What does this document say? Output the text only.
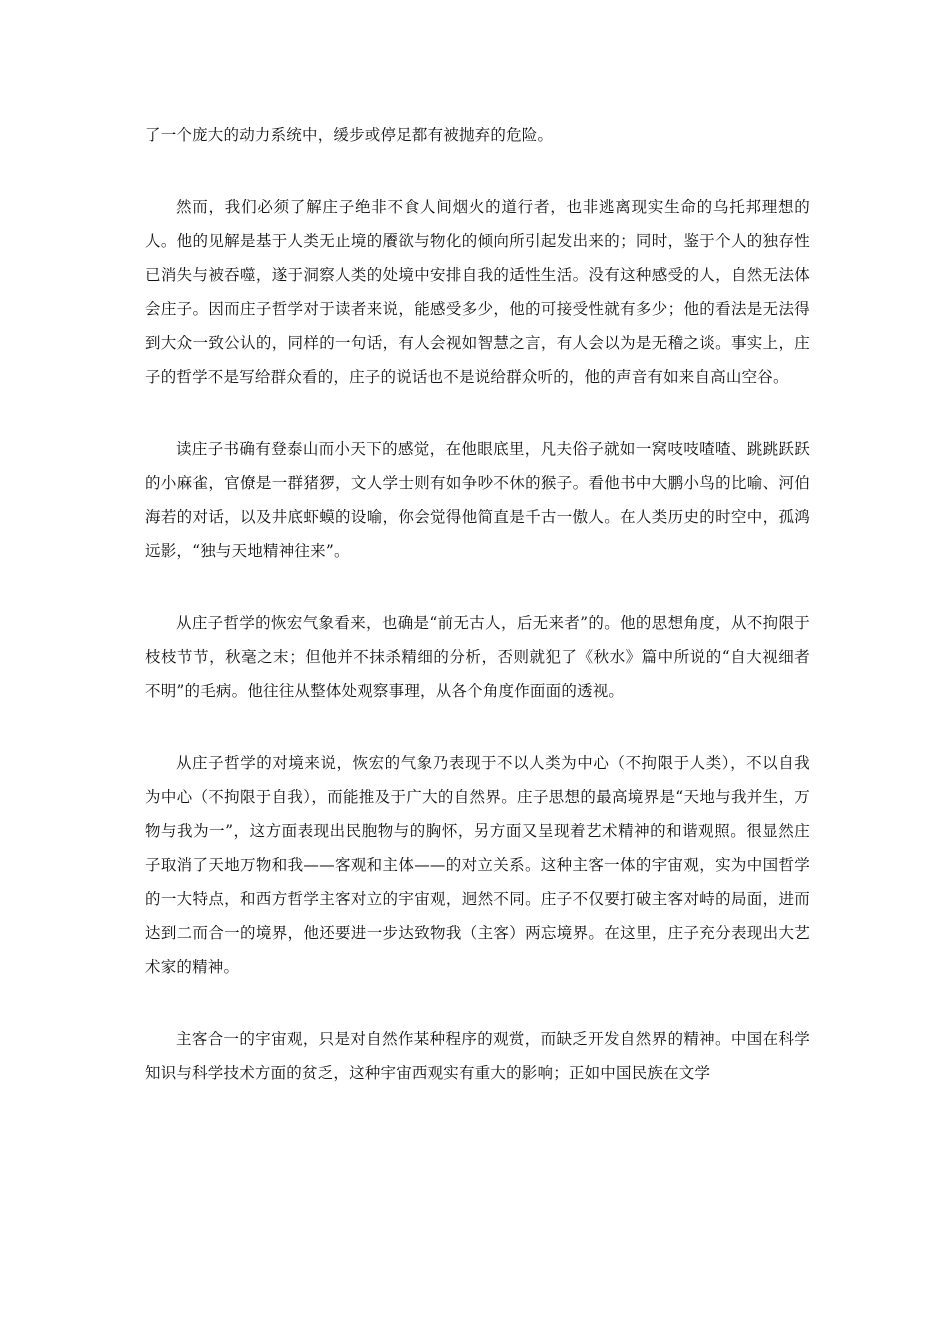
了一个庞大的动力系统中，缓步或停足都有被抛弃的危险。

然而，我们必须了解庄子绝非不食人间烟火的道行者，也非逃离现实生命的乌托邦理想的人。他的见解是基于人类无止境的餍欲与物化的倾向所引起发出来的；同时，鉴于个人的独存性已消失与被吞噬，遂于洞察人类的处境中安排自我的适性生活。没有这种感受的人，自然无法体会庄子。因而庄子哲学对于读者来说，能感受多少，他的可接受性就有多少；他的看法是无法得到大众一致公认的，同样的一句话，有人会视如智慧之言，有人会以为是无稽之谈。事实上，庄子的哲学不是写给群众看的，庄子的说话也不是说给群众听的，他的声音有如来自高山空谷。

读庄子书确有登泰山而小天下的感觉，在他眼底里，凡夫俗子就如一窝吱吱喳喳、跳跳跃跃的小麻雀，官僚是一群猪猡，文人学士则有如争吵不休的猴子。看他书中大鹏小鸟的比喻、河伯海若的对话，以及井底虾蟆的设喻，你会觉得他简直是千古一傲人。在人类历史的时空中，孤鸿远影，“独与天地精神往来”。

从庄子哲学的恢宏气象看来，也确是“前无古人，后无来者”的。他的思想角度，从不拘限于枝枝节节，秋毫之末；但他并不抹杀精细的分析，否则就犯了《秋水》篇中所说的“自大视细者不明”的毛病。他往往从整体处观察事理，从各个角度作面面的透视。

从庄子哲学的对境来说，恢宏的气象乃表现于不以人类为中心（不拘限于人类），不以自我为中心（不拘限于自我），而能推及于广大的自然界。庄子思想的最高境界是“天地与我并生，万物与我为一”，这方面表现出民胞物与的胸怀，另方面又呈现着艺术精神的和谐观照。很显然庄子取消了天地万物和我——客观和主体——的对立关系。这种主客一体的宇宙观，实为中国哲学的一大特点，和西方哲学主客对立的宇宙观，迥然不同。庄子不仅要打破主客对峙的局面，进而达到二而合一的境界，他还要进一步达致物我（主客）两忘境界。在这里，庄子充分表现出大艺术家的精神。

主客合一的宇宙观，只是对自然作某种程序的观赏，而缺乏开发自然界的精神。中国在科学知识与科学技术方面的贫乏，这种宇宙西观实有重大的影响；正如中国民族在文学
